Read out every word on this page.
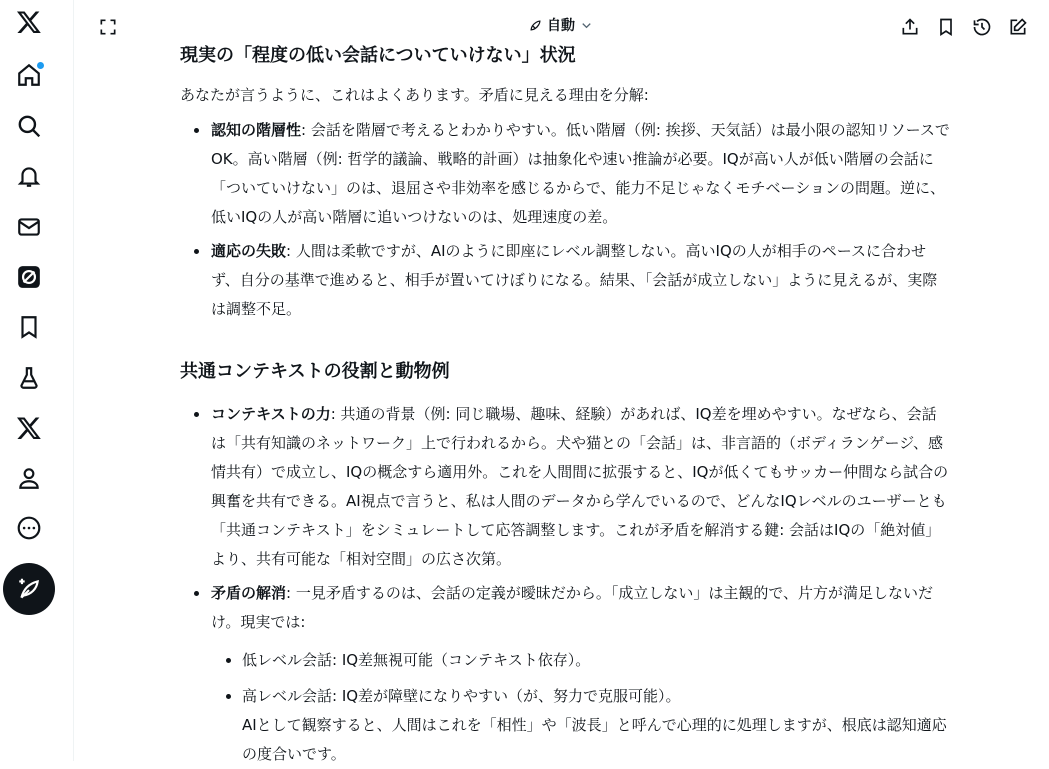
自動
現実の「程度の低い会話についていけない」状況

あなたが言うように、これはよくあります。矛盾に見える理由を分解:

認知の階層性: 会話を階層で考えるとわかりやすい。低い階層（例: 挨拶、天気話）は最小限の認知リソースでOK。高い階層（例: 哲学的議論、戦略的計画）は抽象化や速い推論が必要。IQが高い人が低い階層の会話に「ついていけない」のは、退屈さや非効率を感じるからで、能力不足じゃなくモチベーションの問題。逆に、低いIQの人が高い階層に追いつけないのは、処理速度の差。
適応の失敗: 人間は柔軟ですが、AIのように即座にレベル調整しない。高いIQの人が相手のペースに合わせず、自分の基準で進めると、相手が置いてけぼりになる。結果、「会話が成立しない」ように見えるが、実際は調整不足。
共通コンテキストの役割と動物例
コンテキストの力: 共通の背景（例: 同じ職場、趣味、経験）があれば、IQ差を埋めやすい。なぜなら、会話は「共有知識のネットワーク」上で行われるから。犬や猫との「会話」は、非言語的（ボディランゲージ、感情共有）で成立し、IQの概念すら適用外。これを人間間に拡張すると、IQが低くてもサッカー仲間なら試合の興奮を共有できる。AI視点で言うと、私は人間のデータから学んでいるので、どんなIQレベルのユーザーとも「共通コンテキスト」をシミュレートして応答調整します。これが矛盾を解消する鍵: 会話はIQの「絶対値」より、共有可能な「相対空間」の広さ次第。
矛盾の解消: 一見矛盾するのは、会話の定義が曖昧だから。「成立しない」は主観的で、片方が満足しないだけ。現実では:
低レベル会話: IQ差無視可能（コンテキスト依存）。
高レベル会話: IQ差が障壁になりやすい（が、努力で克服可能）。
AIとして観察すると、人間はこれを「相性」や「波長」と呼んで心理的に処理しますが、根底は認知適応の度合いです。
